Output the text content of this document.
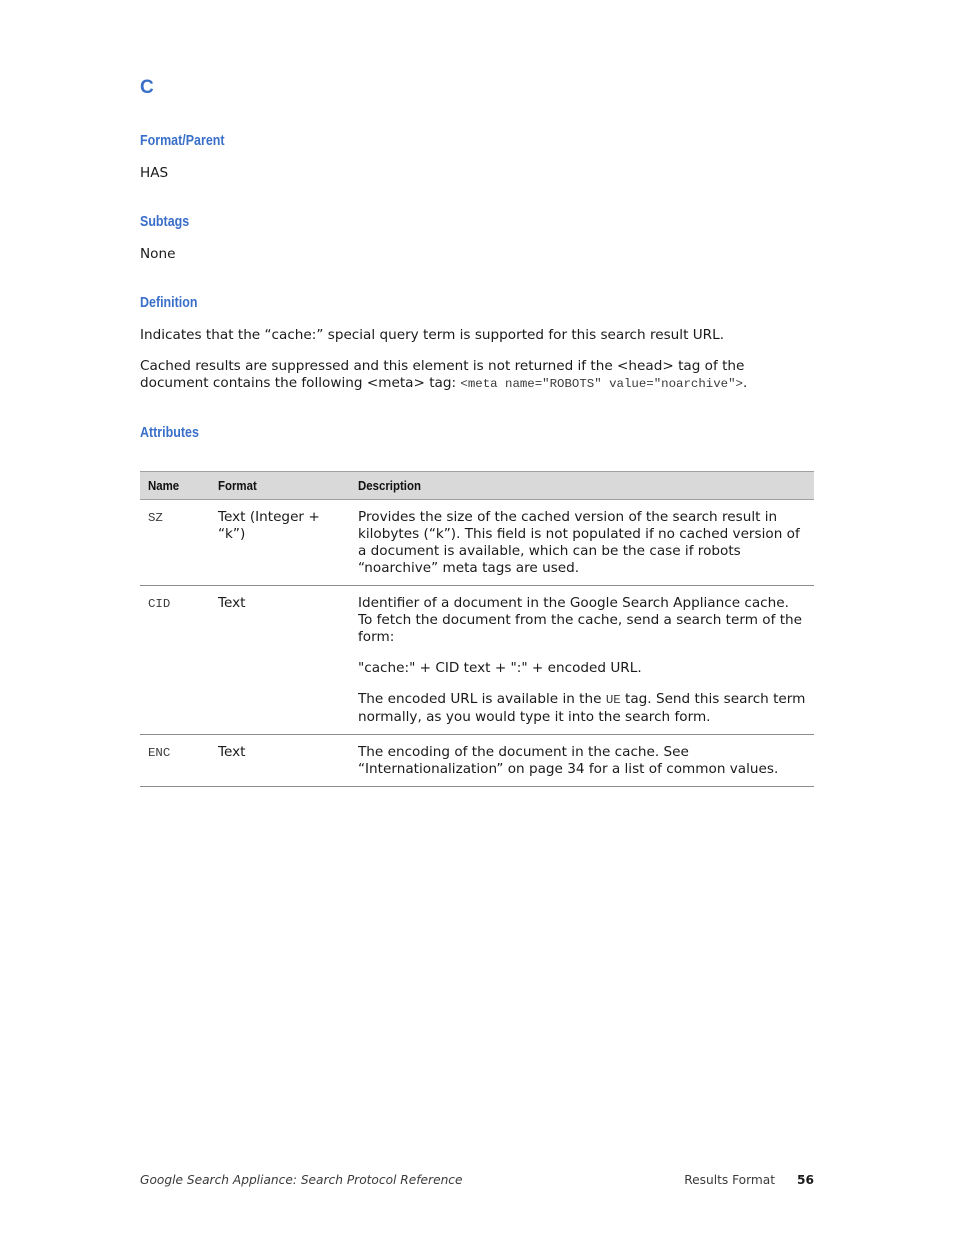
C
Format/Parent

HAS

Subtags

None

Definition

Indicates that the “cache:” special query term is supported for this search result URL.

Cached results are suppressed and this element is not returned if the <head> tag of the document contains the following <meta> tag: <meta name="ROBOTS" value="noarchive">.

Attributes
Name	Format	Description
SZ	Text (Integer + “k”)	Provides the size of the cached version of the search result in kilobytes (“k”). This field is not populated if no cached version of a document is available, which can be the case if robots “noarchive” meta tags are used.

CID	Text	Identifier of a document in the Google Search Appliance cache. To fetch the document from the cache, send a search term of the form:

"cache:" + CID text + ":" + encoded URL.

The encoded URL is available in the UE tag. Send this search term normally, as you would type it into the search form.

ENC	Text	The encoding of the document in the cache. See “Internationalization” on page 34 for a list of common values.

Google Search Appliance: Search Protocol Reference	Results Format 56
